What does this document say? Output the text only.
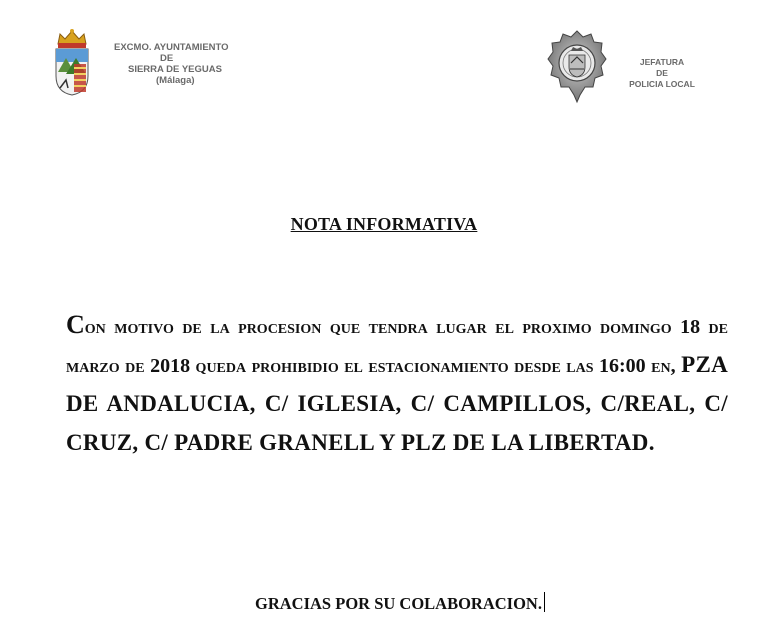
EXCMO. AYUNTAMIENTO
DE
SIERRA DE YEGUAS
(Málaga)
JEFATURA
DE
POLICIA LOCAL
NOTA INFORMATIVA
Con motivo de la procesion que tendra lugar el proximo domingo 18 de marzo de 2018 queda prohibidio el estacionamiento desde las 16:00 en, PZA DE ANDALUCIA, C/ IGLESIA, C/ CAMPILLOS, C/REAL, C/ CRUZ, C/ PADRE GRANELL Y PLZ DE LA LIBERTAD.
GRACIAS POR SU COLABORACION.
